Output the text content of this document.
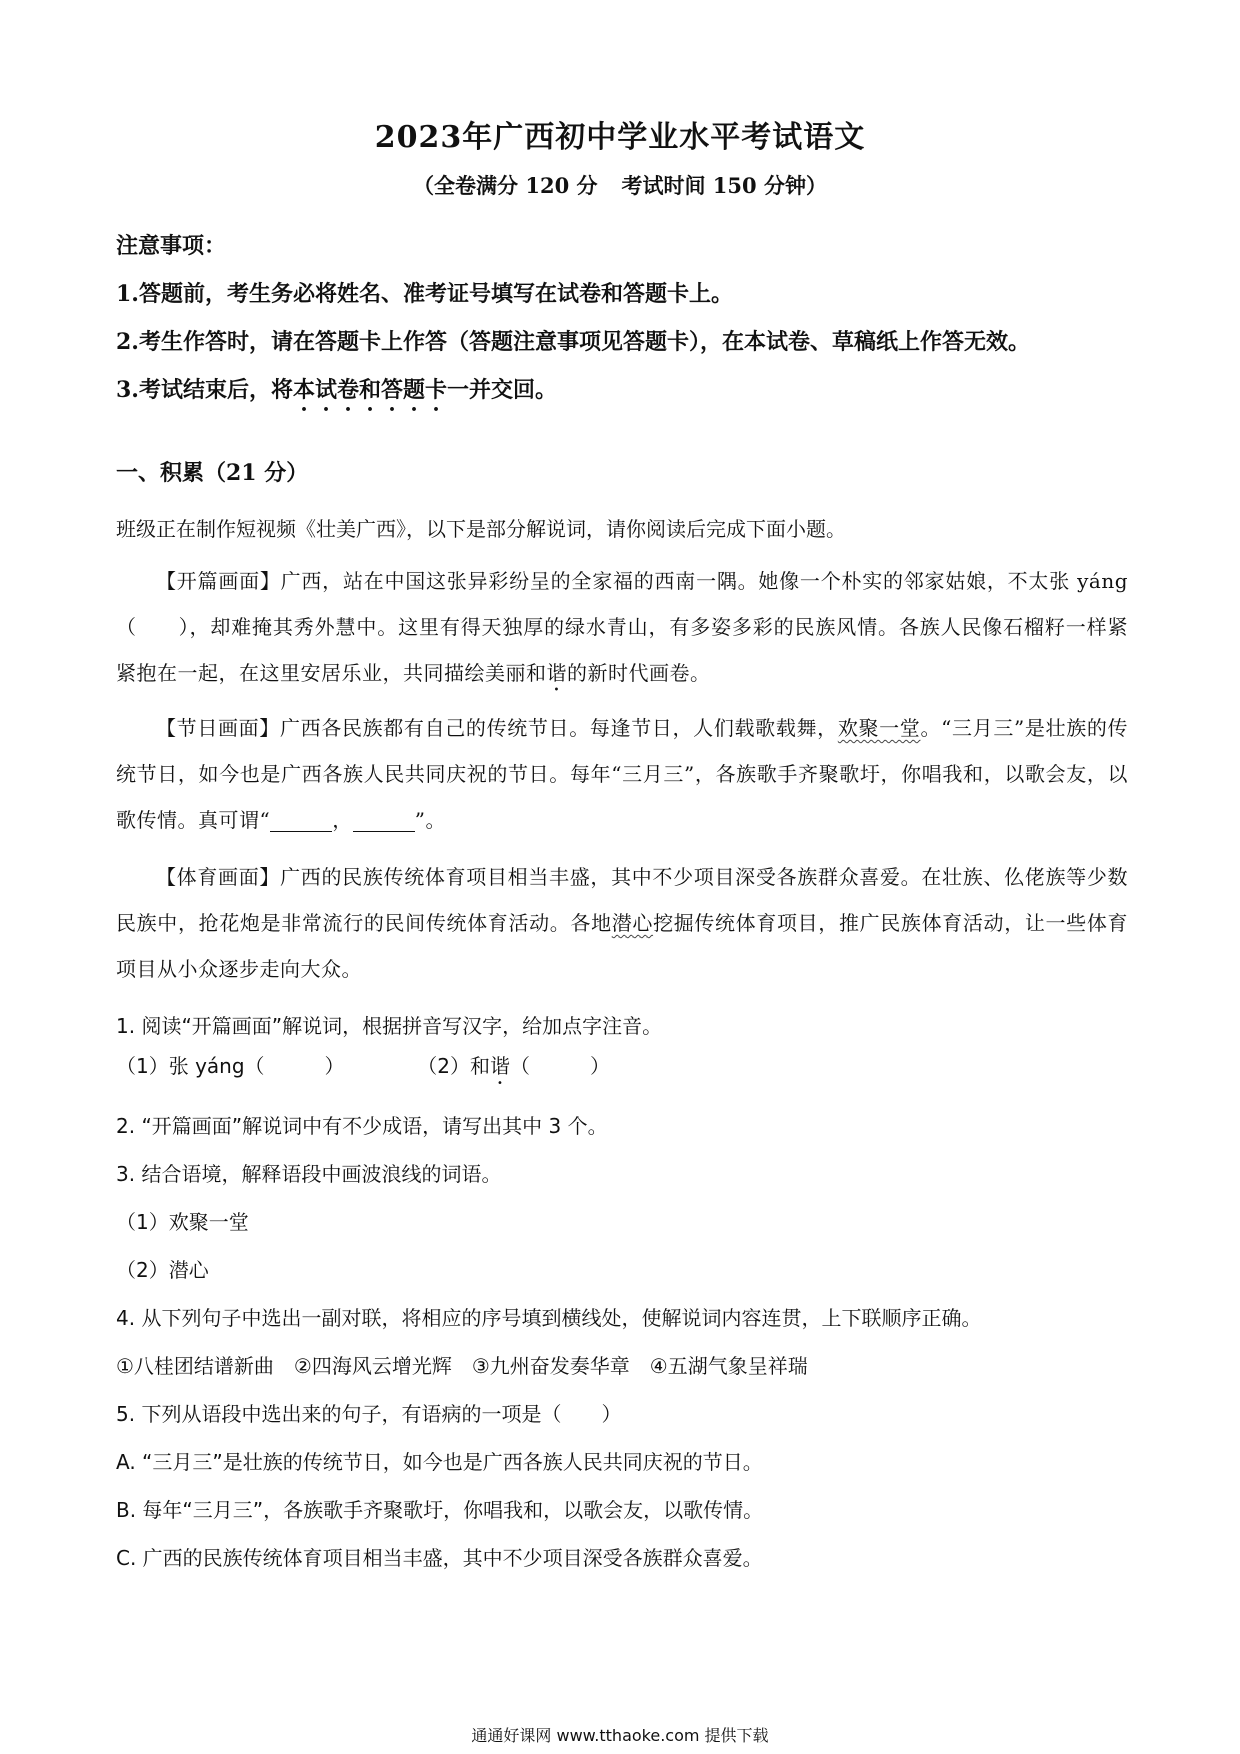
2023年广西初中学业水平考试语文
（全卷满分 120 分 考试时间 150 分钟）
注意事项：
1.答题前，考生务必将姓名、准考证号填写在试卷和答题卡上。
2.考生作答时，请在答题卡上作答（答题注意事项见答题卡），在本试卷、草稿纸上作答无效。
3.考试结束后，将本试卷和答题卡一并交回。
一、积累（21 分）
班级正在制作短视频《壮美广西》，以下是部分解说词，请你阅读后完成下面小题。
【开篇画面】广西，站在中国这张异彩纷呈的全家福的西南一隅。她像一个朴实的邻家姑娘，不太张 yáng（　　），却难掩其秀外慧中。这里有得天独厚的绿水青山，有多姿多彩的民族风情。各族人民像石榴籽一样紧紧抱在一起，在这里安居乐业，共同描绘美丽和谐的新时代画卷。
【节日画面】广西各民族都有自己的传统节日。每逢节日，人们载歌载舞，欢聚一堂。“三月三”是壮族的传统节日，如今也是广西各族人民共同庆祝的节日。每年“三月三”，各族歌手齐聚歌圩，你唱我和，以歌会友，以歌传情。真可谓“	，	”。
【体育画面】广西的民族传统体育项目相当丰盛，其中不少项目深受各族群众喜爱。在壮族、仫佬族等少数民族中，抢花炮是非常流行的民间传统体育活动。各地潜心挖掘传统体育项目，推广民族体育活动，让一些体育项目从小众逐步走向大众。
1. 阅读“开篇画面”解说词，根据拼音写汉字，给加点字注音。
（1）张 yáng（　　　）	（2）和谐（　　　）
2. “开篇画面”解说词中有不少成语，请写出其中 3 个。
3. 结合语境，解释语段中画波浪线的词语。
（1）欢聚一堂
（2）潜心
4. 从下列句子中选出一副对联，将相应的序号填到横线处，使解说词内容连贯，上下联顺序正确。
①八桂团结谱新曲　②四海风云增光辉　③九州奋发奏华章　④五湖气象呈祥瑞
5. 下列从语段中选出来的句子，有语病的一项是（　　）
A. “三月三”是壮族的传统节日，如今也是广西各族人民共同庆祝的节日。
B. 每年“三月三”，各族歌手齐聚歌圩，你唱我和，以歌会友，以歌传情。
C. 广西的民族传统体育项目相当丰盛，其中不少项目深受各族群众喜爱。
通通好课网 www.tthaoke.com 提供下载
